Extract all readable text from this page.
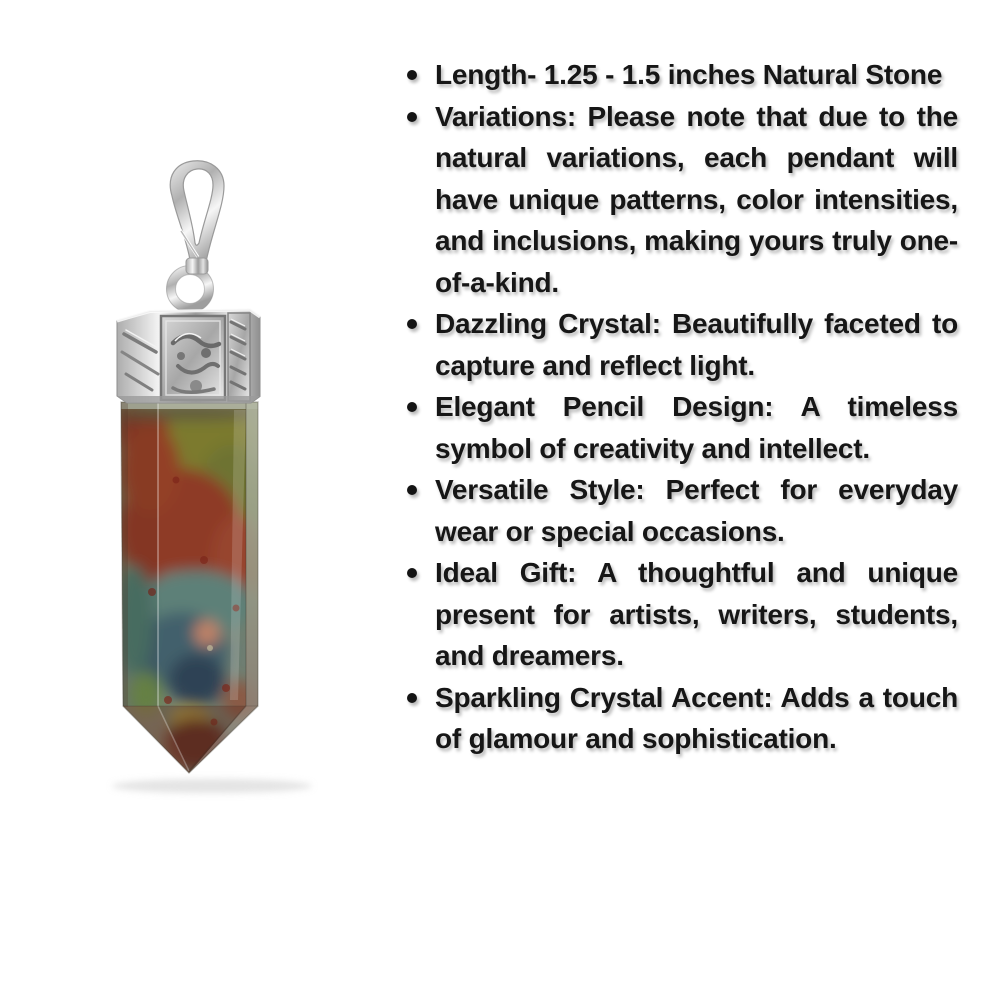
Length- 1.25 - 1.5 inches Natural Stone
Variations: Please note that due to the natural variations, each pendant will have unique patterns, color intensities, and inclusions, making yours truly one-of-a-kind.
Dazzling Crystal: Beautifully faceted to capture and reflect light.
Elegant Pencil Design: A timeless symbol of creativity and intellect.
Versatile Style: Perfect for everyday wear or special occasions.
Ideal Gift: A thoughtful and unique present for artists, writers, students, and dreamers.
Sparkling Crystal Accent: Adds a touch of glamour and sophistication.
